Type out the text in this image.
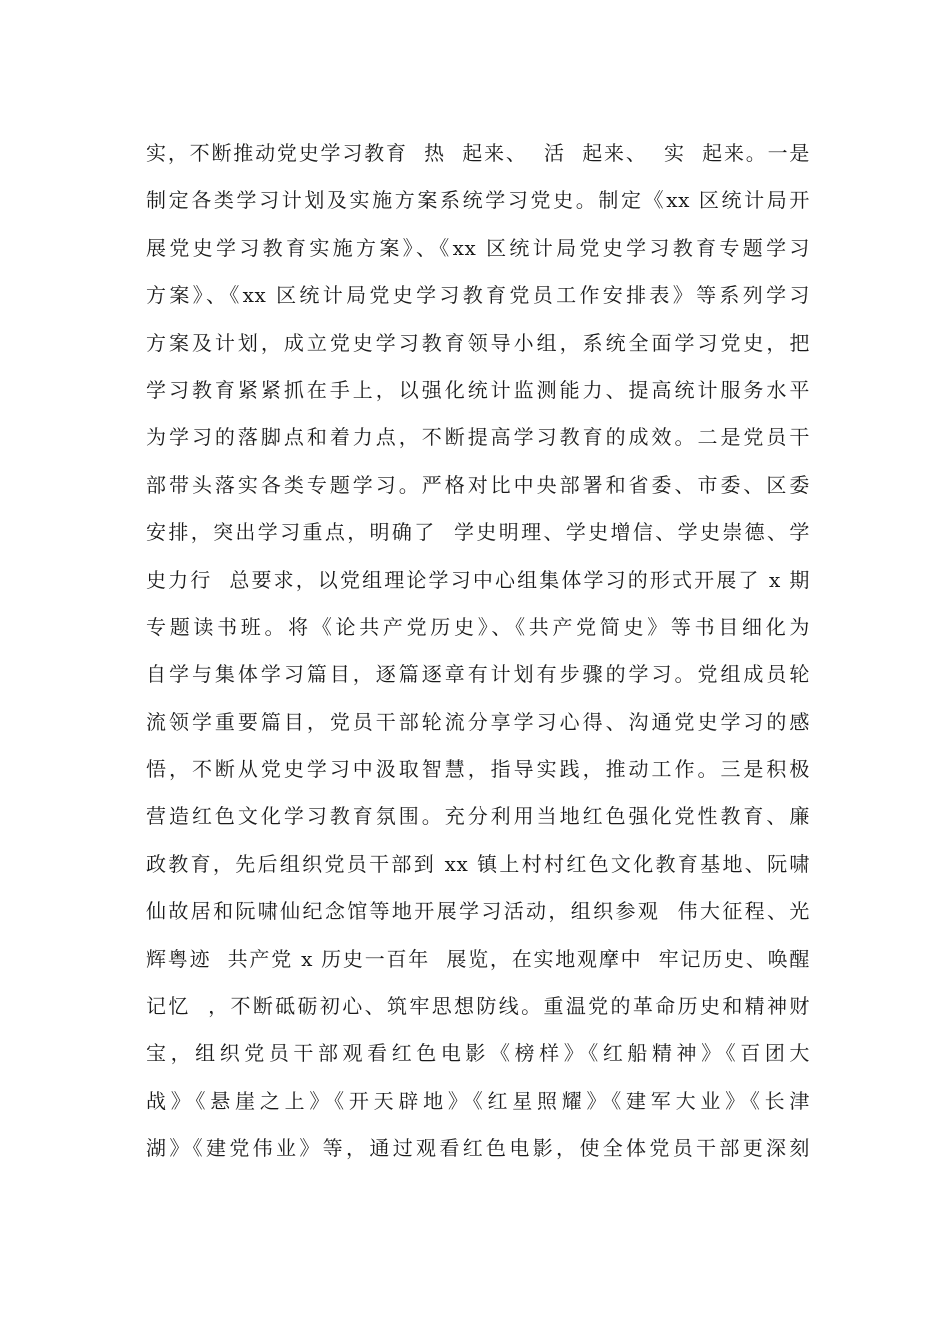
实，不断推动党史学习教育  热  起来、  活  起来、  实  起来。一是
制定各类学习计划及实施方案系统学习党史。制定《xx 区统计局开
展党史学习教育实施方案》、《xx 区统计局党史学习教育专题学习
方案》、《xx 区统计局党史学习教育党员工作安排表》等系列学习
方案及计划，成立党史学习教育领导小组，系统全面学习党史，把
学习教育紧紧抓在手上，以强化统计监测能力、提高统计服务水平
为学习的落脚点和着力点，不断提高学习教育的成效。二是党员干
部带头落实各类专题学习。严格对比中央部署和省委、市委、区委
安排，突出学习重点，明确了  学史明理、学史增信、学史崇德、学
史力行  总要求，以党组理论学习中心组集体学习的形式开展了 x 期
专题读书班。将《论共产党历史》、《共产党简史》等书目细化为
自学与集体学习篇目，逐篇逐章有计划有步骤的学习。党组成员轮
流领学重要篇目，党员干部轮流分享学习心得、沟通党史学习的感
悟，不断从党史学习中汲取智慧，指导实践，推动工作。三是积极
营造红色文化学习教育氛围。充分利用当地红色强化党性教育、廉
政教育，先后组织党员干部到 xx 镇上村村红色文化教育基地、阮啸
仙故居和阮啸仙纪念馆等地开展学习活动，组织参观  伟大征程、光
辉粤迹  共产党 x 历史一百年  展览，在实地观摩中  牢记历史、唤醒
记忆  ，不断砥砺初心、筑牢思想防线。重温党的革命历史和精神财
宝，组织党员干部观看红色电影《榜样》《红船精神》《百团大
战》《悬崖之上》《开天辟地》《红星照耀》《建军大业》《长津
湖》《建党伟业》等，通过观看红色电影，使全体党员干部更深刻
